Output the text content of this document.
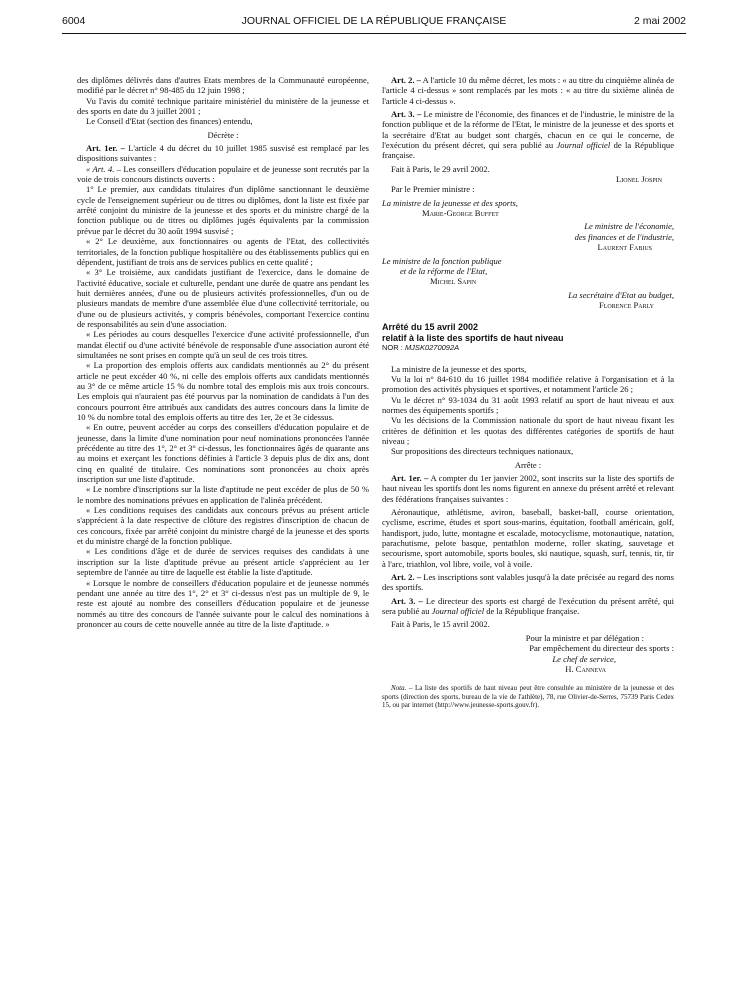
6004	JOURNAL OFFICIEL DE LA RÉPUBLIQUE FRANÇAISE	2 mai 2002

des diplômes délivrés dans d'autres Etats membres de la Communauté européenne, modifié par le décret n° 98-485 du 12 juin 1998 ;

Vu l'avis du comité technique paritaire ministériel du ministère de la jeunesse et des sports en date du 3 juillet 2001 ;

Le Conseil d'Etat (section des finances) entendu,

Décrète :

Art. 1er. – L'article 4 du décret du 10 juillet 1985 susvisé est remplacé par les dispositions suivantes :

« Art. 4. – Les conseillers d'éducation populaire et de jeunesse sont recrutés par la voie de trois concours distincts ouverts :

1° Le premier, aux candidats titulaires d'un diplôme sanctionnant le deuxième cycle de l'enseignement supérieur ou de titres ou diplômes, dont la liste est fixée par arrêté conjoint du ministre de la jeunesse et des sports et du ministre chargé de la fonction publique ou de titres ou diplômes jugés équivalents par la commission prévue par le décret du 30 août 1994 susvisé ;

« 2° Le deuxième, aux fonctionnaires ou agents de l'Etat, des collectivités territoriales, de la fonction publique hospitalière ou des établissements publics qui en dépendent, justifiant de trois ans de services publics en cette qualité ;

« 3° Le troisième, aux candidats justifiant de l'exercice, dans le domaine de l'activité éducative, sociale et culturelle, pendant une durée de quatre ans pendant les huit dernières années, d'une ou de plusieurs activités professionnelles, d'un ou de plusieurs mandats de membre d'une assemblée élue d'une collectivité territoriale, ou d'une ou de plusieurs activités, y compris bénévoles, comportant l'exercice continu de responsabilités au sein d'une association.

« Les périodes au cours desquelles l'exercice d'une activité professionnelle, d'un mandat électif ou d'une activité bénévole de responsable d'une association auront été simultanées ne sont prises en compte qu'à un seul de ces trois titres.

« La proportion des emplois offerts aux candidats mentionnés au 2° du présent article ne peut excéder 40 %, ni celle des emplois offerts aux candidats mentionnés au 3° de ce même article 15 % du nombre total des emplois mis aux trois concours. Les emplois qui n'auraient pas été pourvus par la nomination de candidats à l'un des concours pourront être attribués aux candidats des autres concours dans la limite de 10 % du nombre total des emplois offerts au titre des 1er, 2e et 3e cidessus.

« En outre, peuvent accéder au corps des conseillers d'éducation populaire et de jeunesse, dans la limite d'une nomination pour neuf nominations prononcées l'année précédente au titre des 1°, 2° et 3° ci-dessus, les fonctionnaires âgés de quarante ans au moins et exerçant les fonctions définies à l'article 3 depuis plus de dix ans, dont cinq en qualité de titulaire. Ces nominations sont prononcées au choix après inscription sur une liste d'aptitude.

« Le nombre d'inscriptions sur la liste d'aptitude ne peut excéder de plus de 50 % le nombre des nominations prévues en application de l'alinéa précédent.

« Les conditions requises des candidats aux concours prévus au présent article s'apprécient à la date respective de clôture des registres d'inscription de chacun de ces concours, fixée par arrêté conjoint du ministre chargé de la jeunesse et des sports et du ministre chargé de la fonction publique.

« Les conditions d'âge et de durée de services requises des candidats à une inscription sur la liste d'aptitude prévue au présent article s'apprécient au 1er septembre de l'année au titre de laquelle est établie la liste d'aptitude.

« Lorsque le nombre de conseillers d'éducation populaire et de jeunesse nommés pendant une année au titre des 1°, 2° et 3° ci-dessus n'est pas un multiple de 9, le reste est ajouté au nombre des conseillers d'éducation populaire et de jeunesse nommés au titre des concours de l'année suivante pour le calcul des nominations à prononcer au cours de cette nouvelle année au titre de la liste d'aptitude. »

Art. 2. – A l'article 10 du même décret, les mots : « au titre du cinquième alinéa de l'article 4 ci-dessus » sont remplacés par les mots : « au titre du sixième alinéa de l'article 4 ci-dessus ».

Art. 3. – Le ministre de l'économie, des finances et de l'industrie, le ministre de la fonction publique et de la réforme de l'Etat, le ministre de la jeunesse et des sports et la secrétaire d'Etat au budget sont chargés, chacun en ce qui le concerne, de l'exécution du présent décret, qui sera publié au Journal officiel de la République française.

Fait à Paris, le 29 avril 2002.

Lionel Jospin

Par le Premier ministre :

La ministre de la jeunesse et des sports,

Marie-George Buffet

Le ministre de l'économie,

des finances et de l'industrie,

Laurent Fabius

Le ministre de la fonction publique

et de la réforme de l'Etat,

Michel Sapin

La secrétaire d'Etat au budget,

Florence Parly

Arrêté du 15 avril 2002

relatif à la liste des sportifs de haut niveau

NOR : MJSK0270092A

La ministre de la jeunesse et des sports,

Vu la loi n° 84-610 du 16 juillet 1984 modifiée relative à l'organisation et à la promotion des activités physiques et sportives, et notamment l'article 26 ;

Vu le décret n° 93-1034 du 31 août 1993 relatif au sport de haut niveau et aux normes des équipements sportifs ;

Vu les décisions de la Commission nationale du sport de haut niveau fixant les critères de définition et les quotas des différentes catégories de sportifs de haut niveau ;

Sur propositions des directeurs techniques nationaux,

Arrête :

Art. 1er. – A compter du 1er janvier 2002, sont inscrits sur la liste des sportifs de haut niveau les sportifs dont les noms figurent en annexe du présent arrêté et relevant des fédérations françaises suivantes :

Aéronautique, athlétisme, aviron, baseball, basket-ball, course orientation, cyclisme, escrime, études et sport sous-marins, équitation, football américain, golf, handisport, judo, lutte, montagne et escalade, motocyclisme, motonautique, natation, parachutisme, pelote basque, pentathlon moderne, roller skating, sauvetage et secourisme, sport automobile, sports boules, ski nautique, squash, surf, tennis, tir, tir à l'arc, triathlon, vol libre, voile, vol à voile.

Art. 2. – Les inscriptions sont valables jusqu'à la date précisée au regard des noms des sportifs.

Art. 3. – Le directeur des sports est chargé de l'exécution du présent arrêté, qui sera publié au Journal officiel de la République française.

Fait à Paris, le 15 avril 2002.

Pour la ministre et par délégation :

Par empêchement du directeur des sports :

Le chef de service,

H. Canneva

Nota. – La liste des sportifs de haut niveau peut être consultée au ministère de la jeunesse et des sports (direction des sports, bureau de la vie de l'athlète), 78, rue Olivier-de-Serres, 75739 Paris Cedex 15, ou par internet (http://www.jeunesse-sports.gouv.fr).
